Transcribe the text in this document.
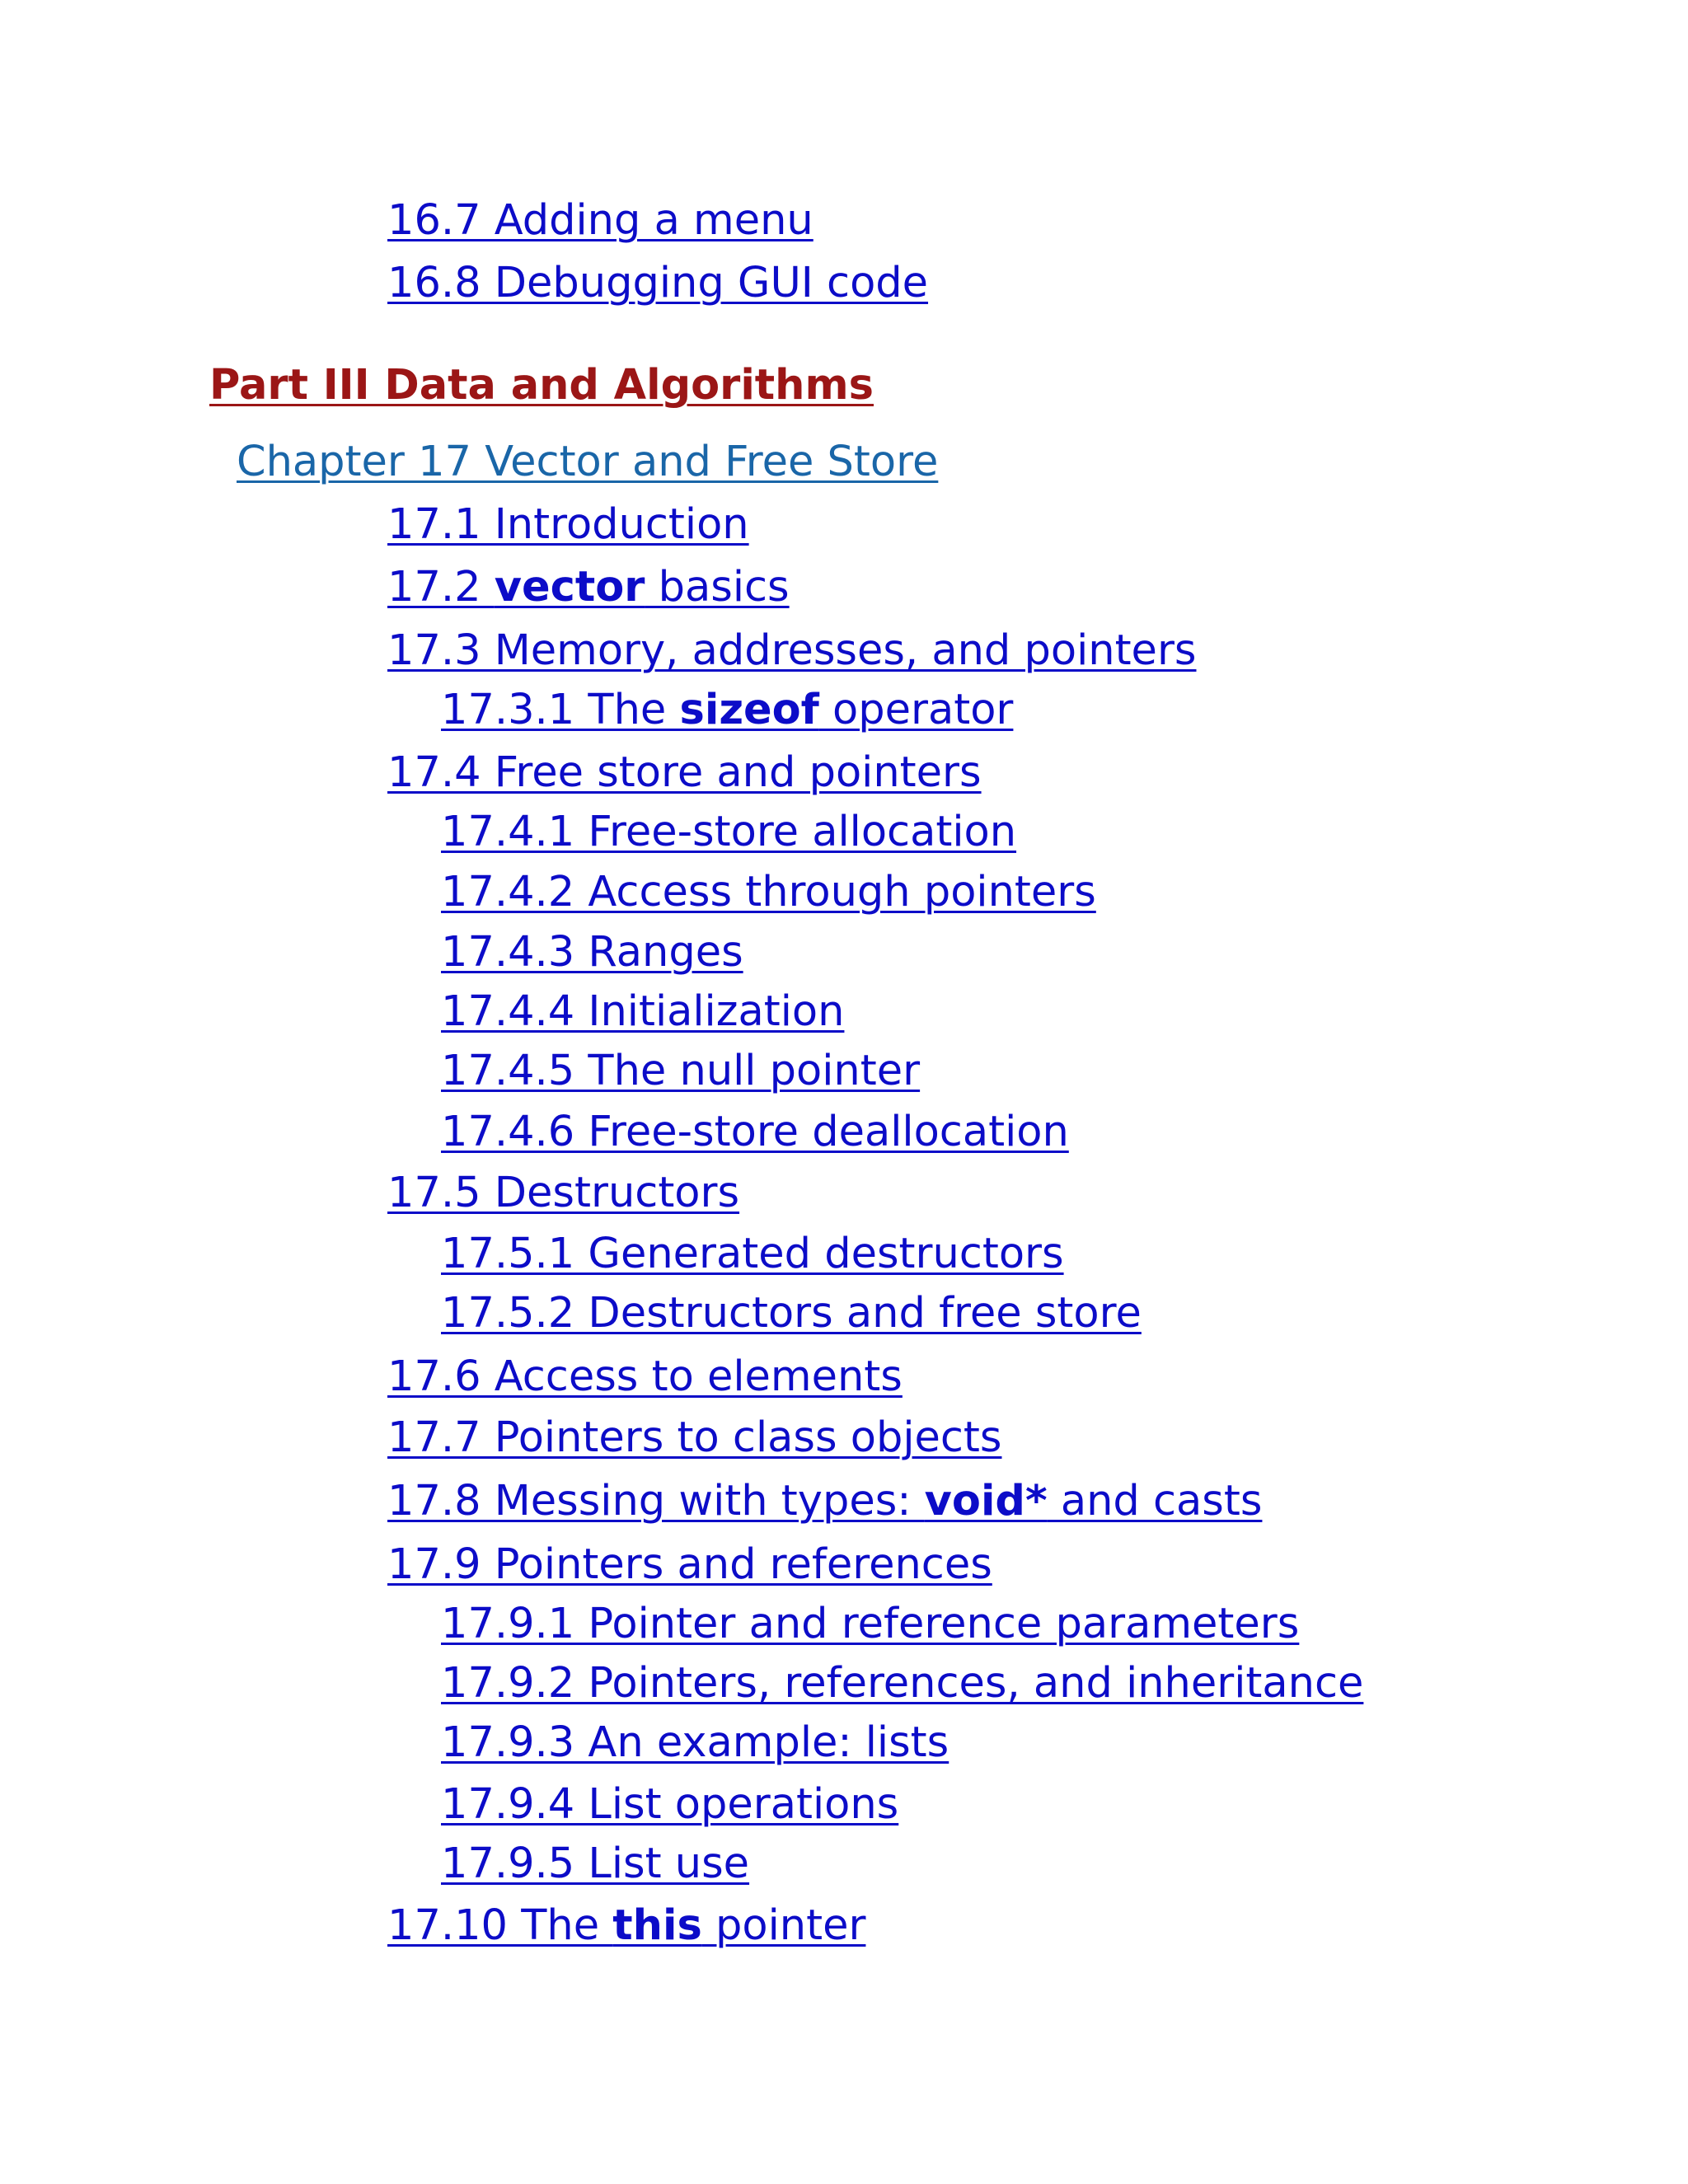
16.7 Adding a menu
16.8 Debugging GUI code
Part III Data and Algorithms
Chapter 17 Vector and Free Store
17.1 Introduction
17.2 vector basics
17.3 Memory, addresses, and pointers
17.3.1 The sizeof operator
17.4 Free store and pointers
17.4.1 Free-store allocation
17.4.2 Access through pointers
17.4.3 Ranges
17.4.4 Initialization
17.4.5 The null pointer
17.4.6 Free-store deallocation
17.5 Destructors
17.5.1 Generated destructors
17.5.2 Destructors and free store
17.6 Access to elements
17.7 Pointers to class objects
17.8 Messing with types: void* and casts
17.9 Pointers and references
17.9.1 Pointer and reference parameters
17.9.2 Pointers, references, and inheritance
17.9.3 An example: lists
17.9.4 List operations
17.9.5 List use
17.10 The this pointer
